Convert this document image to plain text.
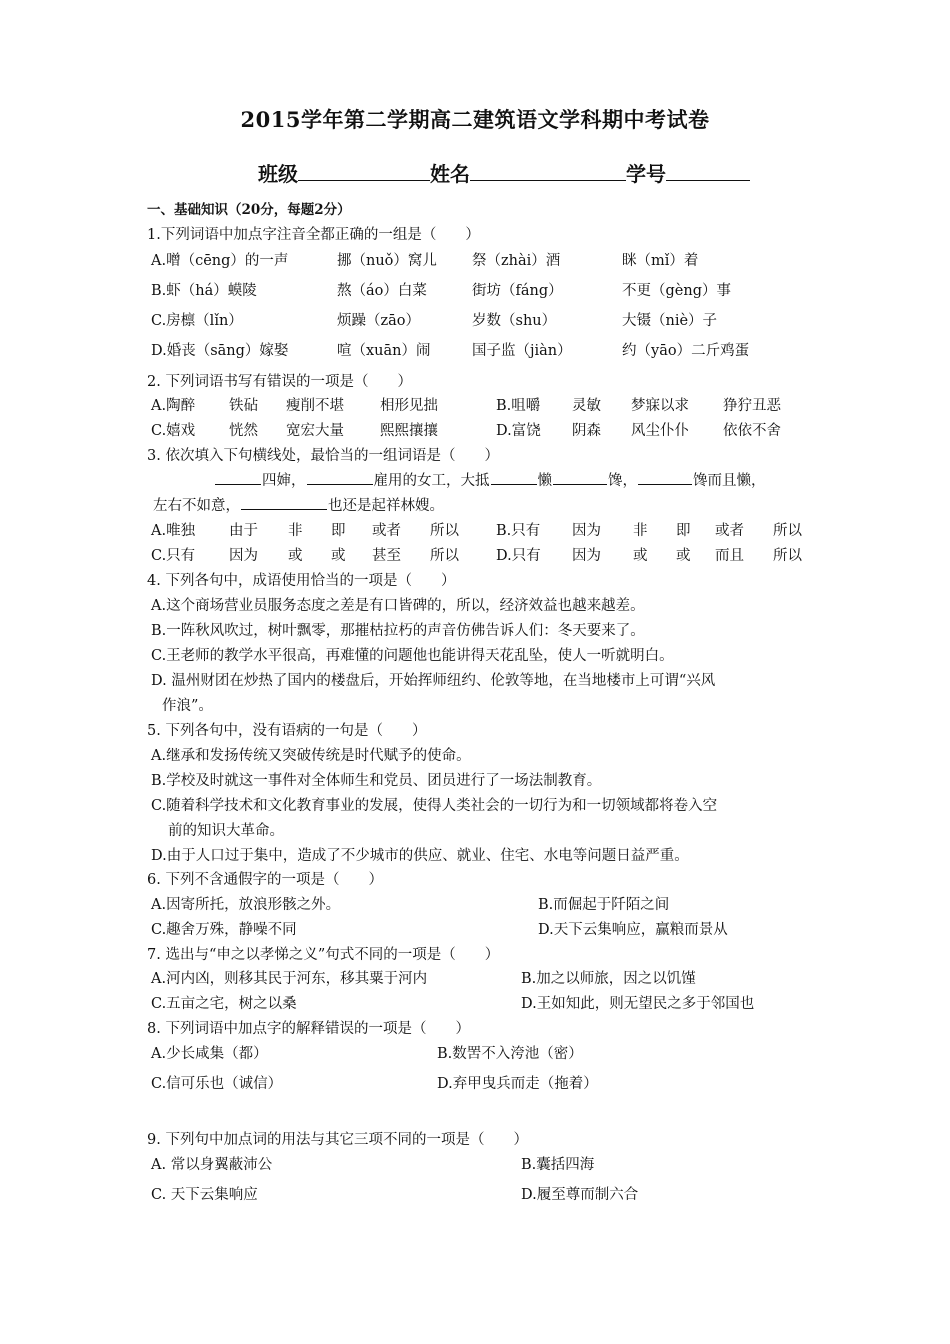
2015学年第二学期高二建筑语文学科期中考试卷
班级	姓名	学号
一、基础知识（20分，每题2分）
1.下列词语中加点字注音全都正确的一组是（　　）
A.噌（cēng）的一声	挪（nuǒ）窝儿 祭（zhài）酒	眯（mǐ）着
B.虾（há）蟆陵	熬（áo）白菜	街坊（fáng）	不更（gèng）事
C.房檩（lǐn）	烦躁（zāo）	岁数（shu）	大镊（niè）子
D.婚丧（sāng）嫁娶	喧（xuān）闹	国子监（jiàn）	约（yāo）二斤鸡蛋
2. 下列词语书写有错误的一项是（　　）
A.陶醉 铁砧 瘦削不堪 相形见拙	B.咀嚼 灵敏 梦寐以求 狰狞丑恶
C.嬉戏 恍然 宽宏大量 熙熙攘攘	D.富饶 阴森 风尘仆仆 依依不舍
3. 依次填入下句横线处，最恰当的一组词语是（　　）
四婶，	雇用的女工，大抵	懒	馋，	馋而且懒，
左右不如意，	也还是起祥林嫂。
A.唯独 由于 非 即 或者 所以	B.只有 因为 非 即 或者 所以
C.只有 因为 或 或 甚至 所以	D.只有 因为 或 或 而且 所以
4. 下列各句中，成语使用恰当的一项是（　　）
A.这个商场营业员服务态度之差是有口皆碑的，所以，经济效益也越来越差。
B.一阵秋风吹过，树叶飘零，那摧枯拉朽的声音仿佛告诉人们：冬天要来了。
C.王老师的教学水平很高，再难懂的问题他也能讲得天花乱坠，使人一听就明白。
D. 温州财团在炒热了国内的楼盘后，开始挥师纽约、伦敦等地，在当地楼市上可谓“兴风
作浪”。
5. 下列各句中，没有语病的一句是（　　）
A.继承和发扬传统又突破传统是时代赋予的使命。
B.学校及时就这一事件对全体师生和党员、团员进行了一场法制教育。
C.随着科学技术和文化教育事业的发展，使得人类社会的一切行为和一切领域都将卷入空
前的知识大革命。
D.由于人口过于集中，造成了不少城市的供应、就业、住宅、水电等问题日益严重。
6. 下列不含通假字的一项是（　　）
A.因寄所托，放浪形骸之外。	B.而倔起于阡陌之间
C.趣舍万殊，静噪不同	D.天下云集响应，赢粮而景从
7. 选出与“申之以孝悌之义”句式不同的一项是（　　）
A.河内凶，则移其民于河东，移其粟于河内	B.加之以师旅，因之以饥馑
C.五亩之宅，树之以桑	D.王如知此，则无望民之多于邻国也
8. 下列词语中加点字的解释错误的一项是（　　）
A.少长咸集（都）	B.数罟不入洿池（密）
C.信可乐也（诚信）	D.弃甲曳兵而走（拖着）
9. 下列句中加点词的用法与其它三项不同的一项是（　　）
A. 常以身翼蔽沛公	B.囊括四海
C. 天下云集响应	D.履至尊而制六合
